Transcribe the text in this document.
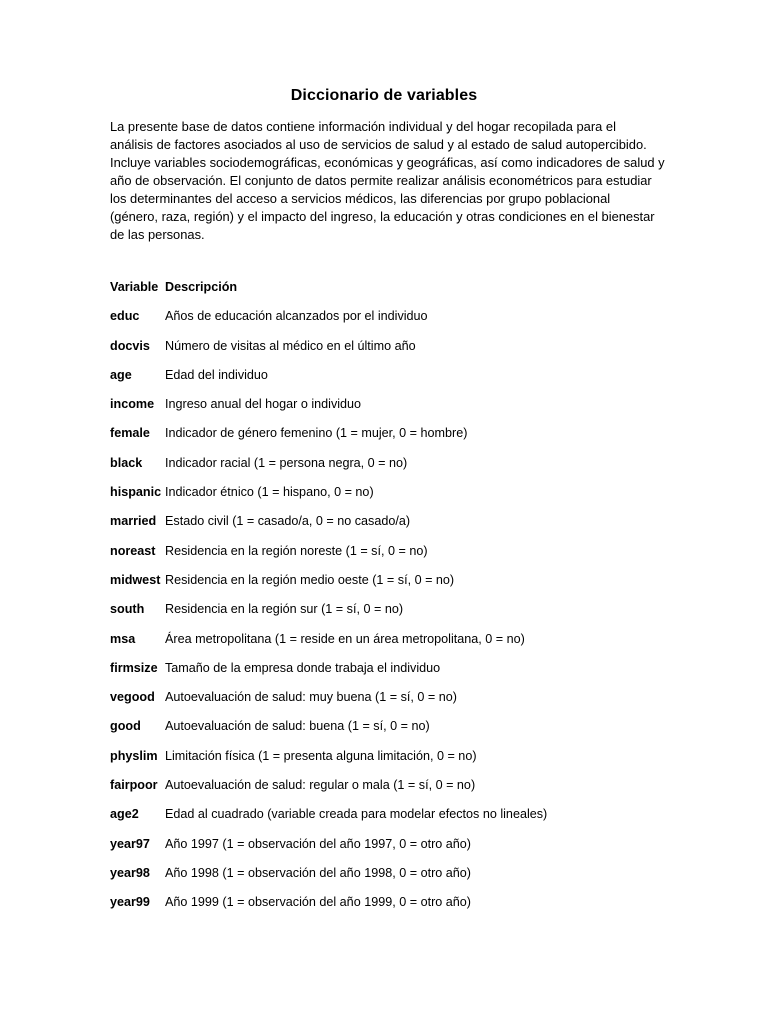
Diccionario de variables

La presente base de datos contiene información individual y del hogar recopilada para el
análisis de factores asociados al uso de servicios de salud y al estado de salud autopercibido.
Incluye variables sociodemográficas, económicas y geográficas, así como indicadores de salud y
año de observación. El conjunto de datos permite realizar análisis econométricos para estudiar
los determinantes del acceso a servicios médicos, las diferencias por grupo poblacional
(género, raza, región) y el impacto del ingreso, la educación y otras condiciones en el bienestar
de las personas.

Variable Descripción
educ Años de educación alcanzados por el individuo
docvis Número de visitas al médico en el último año
age	Edad del individuo
income Ingreso anual del hogar o individuo
female Indicador de género femenino (1 = mujer, 0 = hombre)
black Indicador racial (1 = persona negra, 0 = no)
hispanic Indicador étnico (1 = hispano, 0 = no)
married Estado civil (1 = casado/a, 0 = no casado/a)
noreast Residencia en la región noreste (1 = sí, 0 = no)
midwest Residencia en la región medio oeste (1 = sí, 0 = no)
south Residencia en la región sur (1 = sí, 0 = no)
msa Área metropolitana (1 = reside en un área metropolitana, 0 = no)
firmsize Tamaño de la empresa donde trabaja el individuo
vegood Autoevaluación de salud: muy buena (1 = sí, 0 = no)
good Autoevaluación de salud: buena (1 = sí, 0 = no)
physlim Limitación física (1 = presenta alguna limitación, 0 = no)
fairpoor Autoevaluación de salud: regular o mala (1 = sí, 0 = no)
age2 Edad al cuadrado (variable creada para modelar efectos no lineales)
year97 Año 1997 (1 = observación del año 1997, 0 = otro año)
year98 Año 1998 (1 = observación del año 1998, 0 = otro año)
year99 Año 1999 (1 = observación del año 1999, 0 = otro año)
